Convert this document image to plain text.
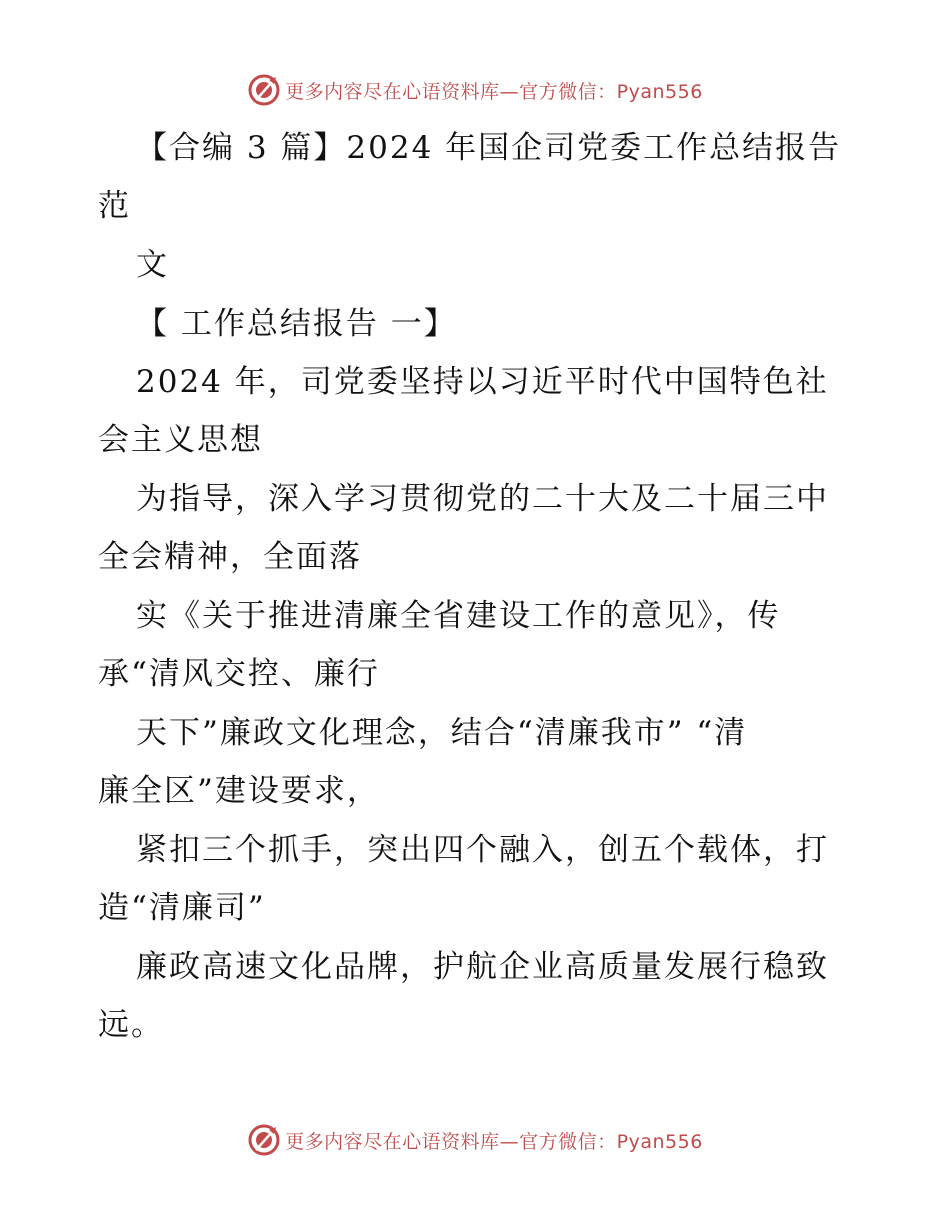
更多内容尽在心语资料库—官方微信：Pyan556
【合编 3 篇】2024 年国企司党委工作总结报告
范
文
【 工作总结报告 一】
2024 年，司党委坚持以习近平时代中国特色社
会主义思想
为指导，深入学习贯彻党的二十大及二十届三中
全会精神，全面落
实《关于推进清廉全省建设工作的意见》，传
承“清风交控、廉行
天下”廉政文化理念，结合“清廉我市” “清
廉全区”建设要求，
紧扣三个抓手，突出四个融入，创五个载体，打
造“清廉司”
廉政高速文化品牌，护航企业高质量发展行稳致
远。
更多内容尽在心语资料库—官方微信：Pyan556
